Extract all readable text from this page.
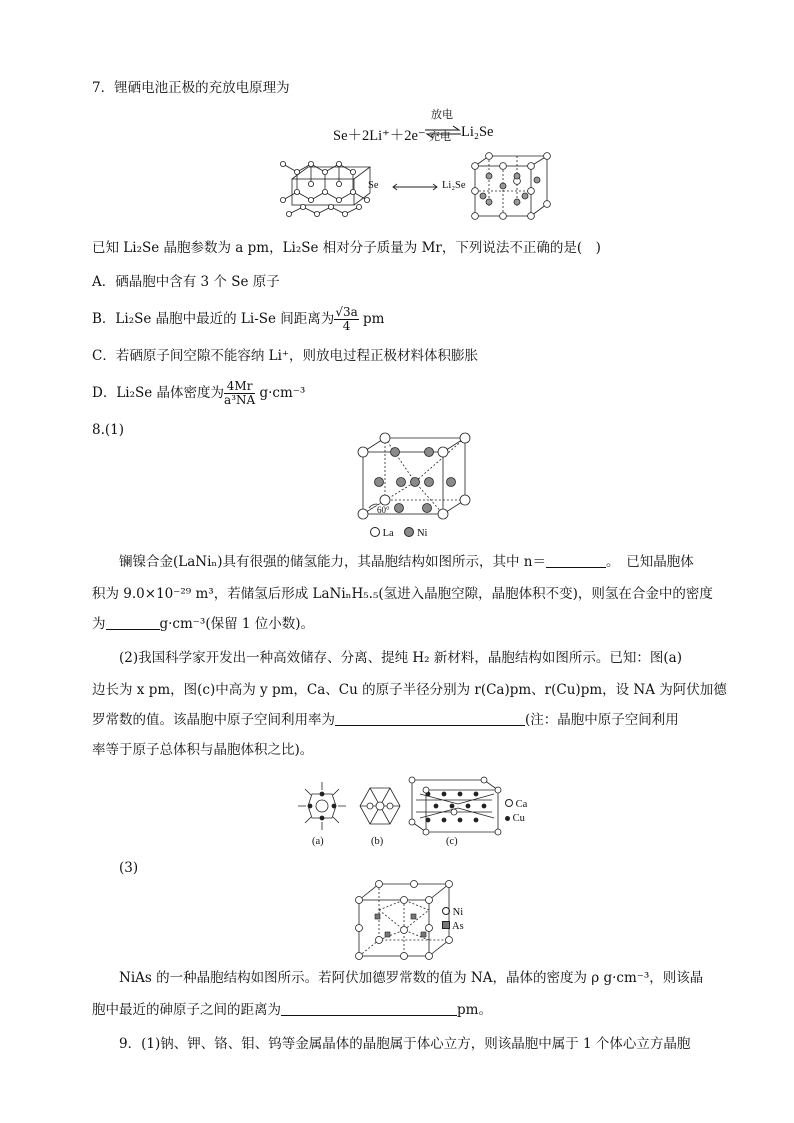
7．锂硒电池正极的充放电原理为
Se＋2Li⁺＋2e⁻
放电
充电 Li₂Se
Se	Li₂Se
已知 Li₂Se 晶胞参数为 a pm，Li₂Se 相对分子质量为 Mr，下列说法不正确的是(　)
A．硒晶胞中含有 3 个 Se 原子
B．Li₂Se 晶胞中最近的 Li-Se 间距离为 $\frac{√3a}{4}$ pm
C．若硒原子间空隙不能容纳 Li⁺，则放电过程正极材料体积膨胀
D．Li₂Se 晶体密度为 $\frac{4Mr}{\text{a³NA}} g\cdot cm^{-3}$
8.(1)
60°
La Ni
镧镍合金(LaNiₙ)具有很强的储氢能力，其晶胞结构如图所示，其中 n＝	。　已知晶胞体
积为 9.0×10⁻²⁹ m³，若储氢后形成 LaNiₙH₅.₅(氢进入晶胞空隙，晶胞体积不变)，则氢在合金中的密度
为	g·cm⁻³(保留 1 位小数)。
(2)我国科学家开发出一种高效储存、分离、提纯 H₂ 新材料，晶胞结构如图所示。已知：图(a)
边长为 x pm，图(c)中高为 y pm，Ca、Cu 的原子半径分别为 r(Ca)pm、r(Cu)pm，设 NA 为阿伏加德
罗常数的值。该晶胞中原子空间利用率为	(注：晶胞中原子空间利用
率等于原子总体积与晶胞体积之比)。
(a)	(b)	(c)
Ca
Cu
(3)
Ni
As
NiAs 的一种晶胞结构如图所示。若阿伏加德罗常数的值为 NA，晶体的密度为 ρ g·cm⁻³，则该晶
胞中最近的砷原子之间的距离为	pm。
9．(1)钠、钾、铬、钼、钨等金属晶体的晶胞属于体心立方，则该晶胞中属于 1 个体心立方晶胞
